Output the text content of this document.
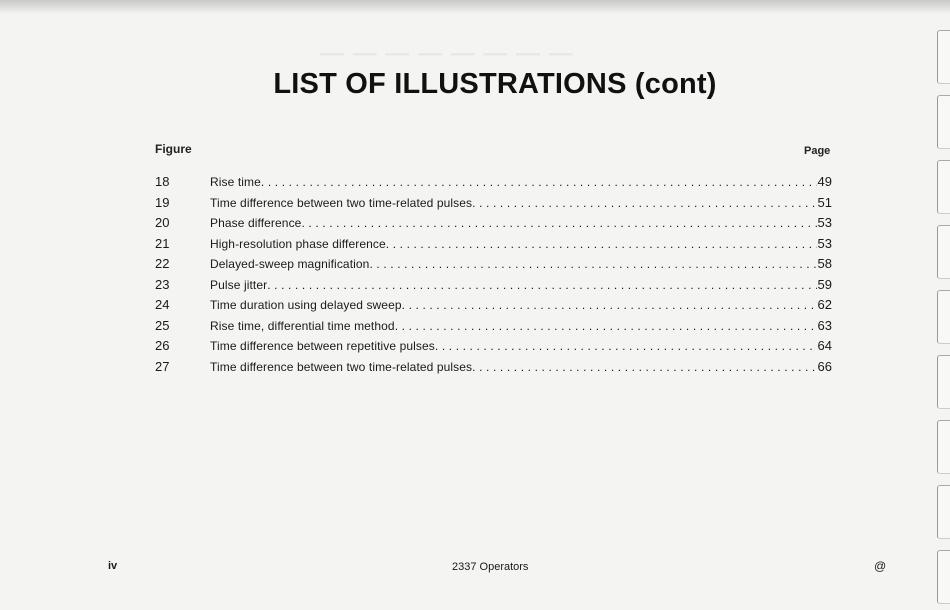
— — — — — — — —
LIST OF ILLUSTRATIONS (cont)
Figure	Page
18	Rise time .....	49
19	Time difference between two time-related pulses .....	51
20	Phase difference .....	53
21	High-resolution phase difference .....	53
22	Delayed-sweep magnification .....	58
23	Pulse jitter .....	59
24	Time duration using delayed sweep .....	62
25	Rise time, differential time method .....	63
26	Time difference between repetitive pulses .....	64
27	Time difference between two time-related pulses .....	66
iv	2337 Operators	@
